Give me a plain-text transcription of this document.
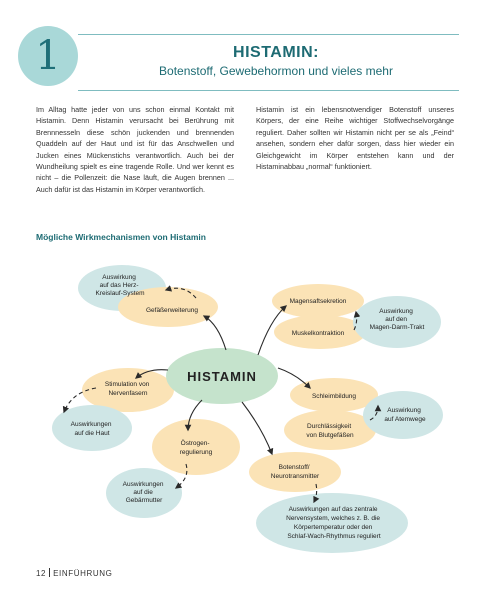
1	HISTAMIN:
Botenstoff, Gewebehormon und vieles mehr
Im Alltag hatte jeder von uns schon einmal Kontakt mit Histamin. Denn Histamin verursacht bei Berührung mit Brennnesseln diese schön juckenden und brennenden Quaddeln auf der Haut und ist für das Anschwellen und Jucken eines Mückenstichs verantwortlich. Auch bei der Wundheilung spielt es eine tragende Rolle. Und wer kennt es nicht – die Pollenzeit: die Nase läuft, die Augen brennen ... Auch dafür ist das Histamin im Körper verantwortlich.
Histamin ist ein lebensnotwendiger Botenstoff unseres Körpers, der eine Reihe wichtiger Stoffwechselvorgänge reguliert. Daher sollten wir Histamin nicht per se als „Feind“ ansehen, sondern eher dafür sorgen, dass hier wieder ein Gleichgewicht im Körper entstehen kann und der Histaminabbau „normal“ funktioniert.
Mögliche Wirkmechanismen von Histamin
HISTAMIN
Gefäßerweiterung
Magensaftsekretion
Muskelkontraktion
Schleimbildung
Auswirkung auf das Herz- Kreislauf-System
Stimulation von Nervenfasern
Auswirkungen auf die Haut
Östrogen- regulierung
Auswirkungen auf die Gebärmutter
Auswirkung auf den Magen-Darm-Trakt
Durchlässigkeit von Blutgefäßen
Auswirkung auf Atemwege
Botenstoff/ Neurotransmitter
Auswirkungen auf das zentrale Nervensystem, welches z. B. die Körpertemperatur oder den Schlaf-Wach-Rhythmus reguliert
12 EINFÜHRUNG
